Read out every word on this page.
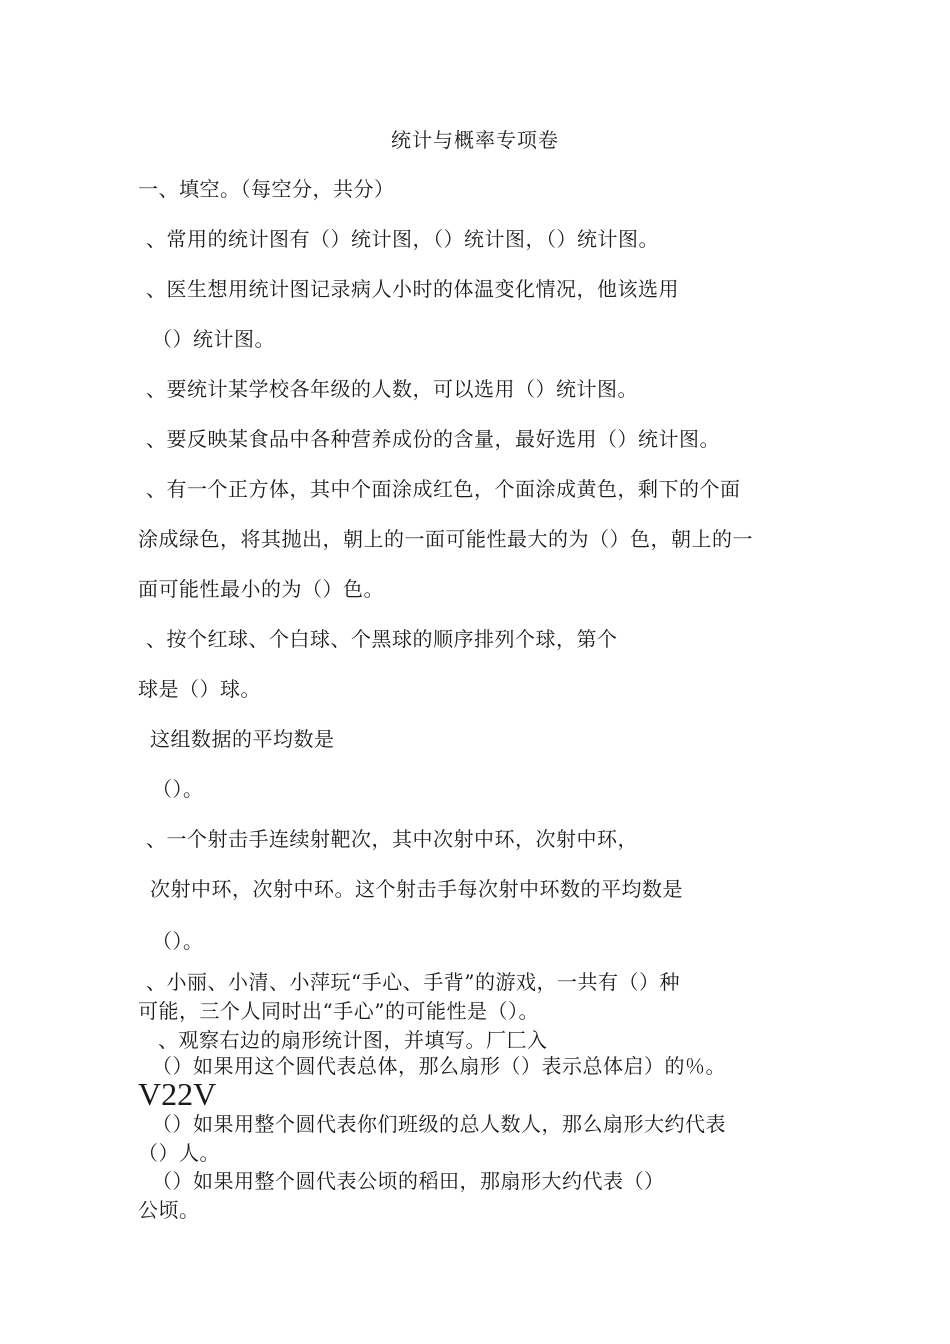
统计与概率专项卷
一、填空。（每空分，共分）
、常用的统计图有（）统计图，（）统计图，（）统计图。
、医生想用统计图记录病人小时的体温变化情况，他该选用
（）统计图。
、要统计某学校各年级的人数，可以选用（）统计图。
、要反映某食品中各种营养成份的含量，最好选用（）统计图。
、有一个正方体，其中个面涂成红色，个面涂成黄色，剩下的个面
涂成绿色，将其抛出，朝上的一面可能性最大的为（）色，朝上的一
面可能性最小的为（）色。
、按个红球、个白球、个黑球的顺序排列个球，第个
球是（）球。
这组数据的平均数是
（）。
、一个射击手连续射靶次，其中次射中环，次射中环，
次射中环，次射中环。这个射击手每次射中环数的平均数是
（）。
、小丽、小清、小萍玩“手心、手背”的游戏，一共有（）种
可能，三个人同时出“手心”的可能性是（）。
、观察右边的扇形统计图，并填写。厂匚入
（）如果用这个圆代表总体，那么扇形（）表示总体启）的％。
V22V
（）如果用整个圆代表你们班级的总人数人，那么扇形大约代表
（）人。
（）如果用整个圆代表公顷的稻田，那扇形大约代表（）
公顷。
